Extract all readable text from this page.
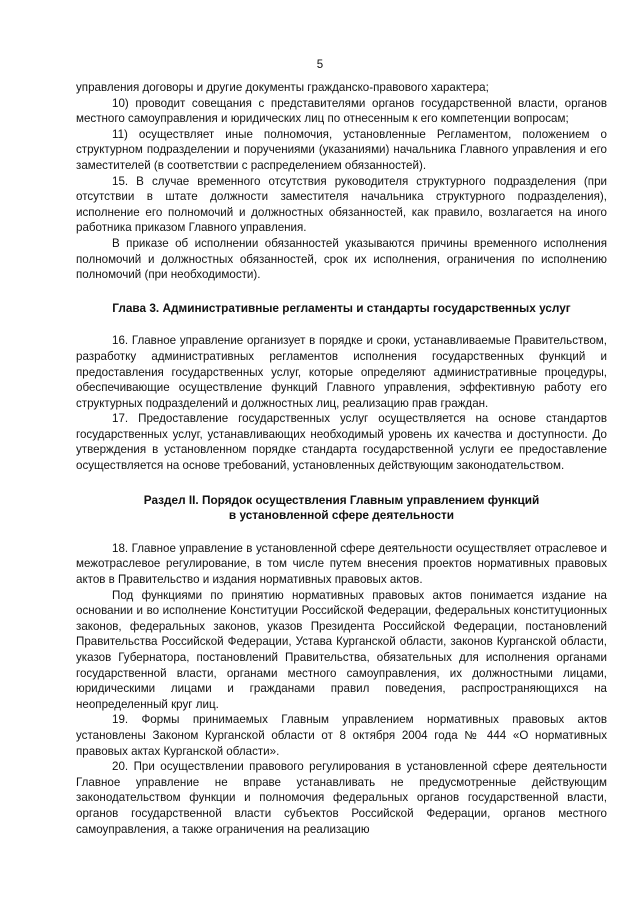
5

управления договоры и другие документы гражданско-правового характера;

10) проводит совещания с представителями органов государственной власти, органов местного самоуправления и юридических лиц по отнесенным к его компетенции вопросам;

11) осуществляет иные полномочия, установленные Регламентом, положением о структурном подразделении и поручениями (указаниями) начальника Главного управления и его заместителей (в соответствии с распределением обязанностей).

15. В случае временного отсутствия руководителя структурного подразделения (при отсутствии в штате должности заместителя начальника структурного подразделения), исполнение его полномочий и должностных обязанностей, как правило, возлагается на иного работника приказом Главного управления.

В приказе об исполнении обязанностей указываются причины временного исполнения полномочий и должностных обязанностей, срок их исполнения, ограничения по исполнению полномочий (при необходимости).

Глава 3. Административные регламенты и стандарты государственных услуг

16. Главное управление организует в порядке и сроки, устанавливаемые Правительством, разработку административных регламентов исполнения государственных функций и предоставления государственных услуг, которые определяют административные процедуры, обеспечивающие осуществление функций Главного управления, эффективную работу его структурных подразделений и должностных лиц, реализацию прав граждан.

17. Предоставление государственных услуг осуществляется на основе стандартов государственных услуг, устанавливающих необходимый уровень их качества и доступности. До утверждения в установленном порядке стандарта государственной услуги ее предоставление осуществляется на основе требований, установленных действующим законодательством.

Раздел II. Порядок осуществления Главным управлением функций
в установленной сфере деятельности

18. Главное управление в установленной сфере деятельности осуществляет отраслевое и межотраслевое регулирование, в том числе путем внесения проектов нормативных правовых актов в Правительство и издания нормативных правовых актов.

Под функциями по принятию нормативных правовых актов понимается издание на основании и во исполнение Конституции Российской Федерации, федеральных конституционных законов, федеральных законов, указов Президента Российской Федерации, постановлений Правительства Российской Федерации, Устава Курганской области, законов Курганской области, указов Губернатора, постановлений Правительства, обязательных для исполнения органами государственной власти, органами местного самоуправления, их должностными лицами, юридическими лицами и гражданами правил поведения, распространяющихся на неопределенный круг лиц.

19. Формы принимаемых Главным управлением нормативных правовых актов установлены Законом Курганской области от 8 октября 2004 года № 444 «О нормативных правовых актах Курганской области».

20. При осуществлении правового регулирования в установленной сфере деятельности Главное управление не вправе устанавливать не предусмотренные действующим законодательством функции и полномочия федеральных органов государственной власти, органов государственной власти субъектов Российской Федерации, органов местного самоуправления, а также ограничения на реализацию
